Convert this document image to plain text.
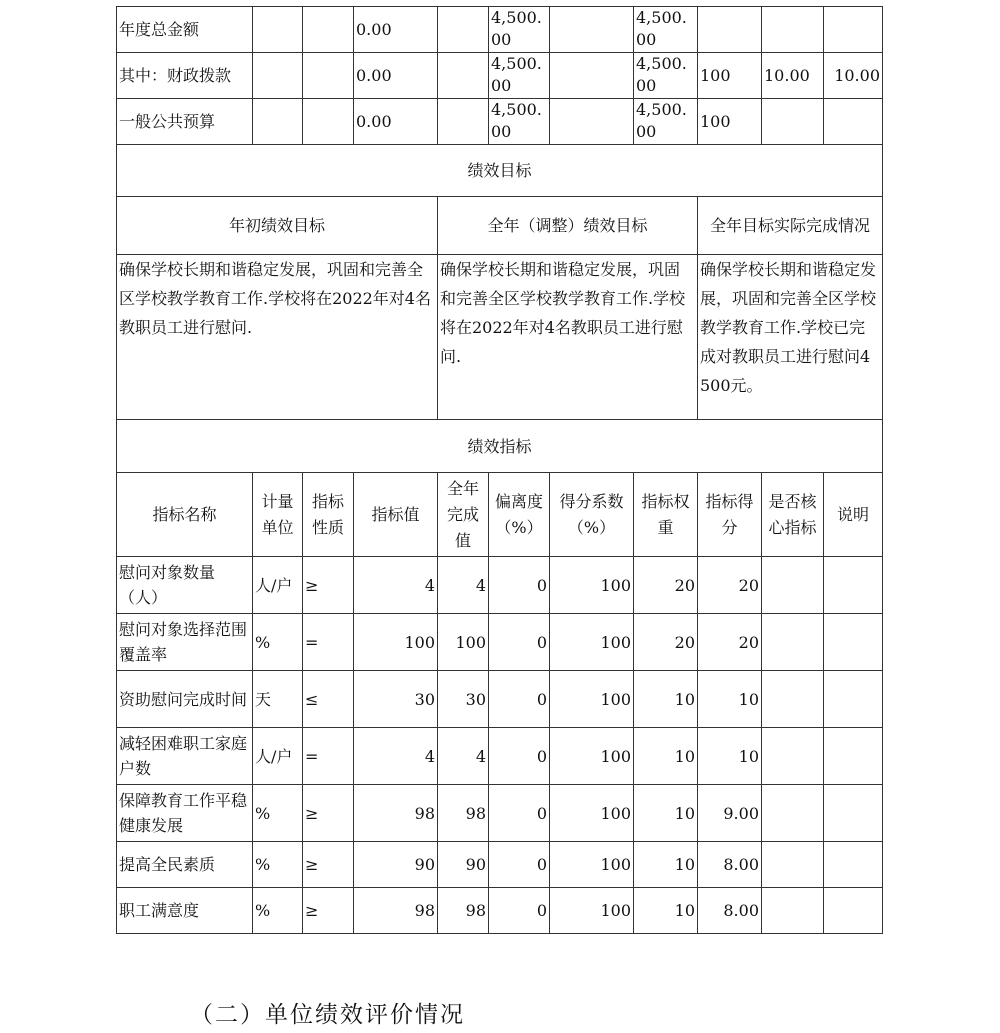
年度总金额			0.00		4,500.00		4,500.00			
其中：财政拨款			0.00		4,500.00		4,500.00	100	10.00	10.00
一般公共预算			0.00		4,500.00		4,500.00	100		
绩效目标										
年初绩效目标				全年（调整）绩效目标				全年目标实际完成情况		
确保学校长期和谐稳定发展，巩固和完善全区学校教学教育工作.学校将在2022年对4名教职员工进行慰问.				确保学校长期和谐稳定发展，巩固和完善全区学校教学教育工作.学校将在2022年对4名教职员工进行慰问.				确保学校长期和谐稳定发展，巩固和完善全区学校教学教育工作.学校已完成对教职员工进行慰问4500元。		
绩效指标										
指标名称	计量单位	指标性质	指标值	全年完成值	偏离度（%）	得分系数（%）	指标权重	指标得分	是否核心指标	说明
慰问对象数量（人）	人/户	≥	4	4	0	100	20	20		
慰问对象选择范围覆盖率	%	=	100	100	0	100	20	20		
资助慰问完成时间	天	≤	30	30	0	100	10	10		
减轻困难职工家庭户数	人/户	=	4	4	0	100	10	10		
保障教育工作平稳健康发展	%	≥	98	98	0	100	10	9.00		
提高全民素质	%	≥	90	90	0	100	10	8.00		
职工满意度	%	≥	98	98	0	100	10	8.00		
（二）单位绩效评价情况
